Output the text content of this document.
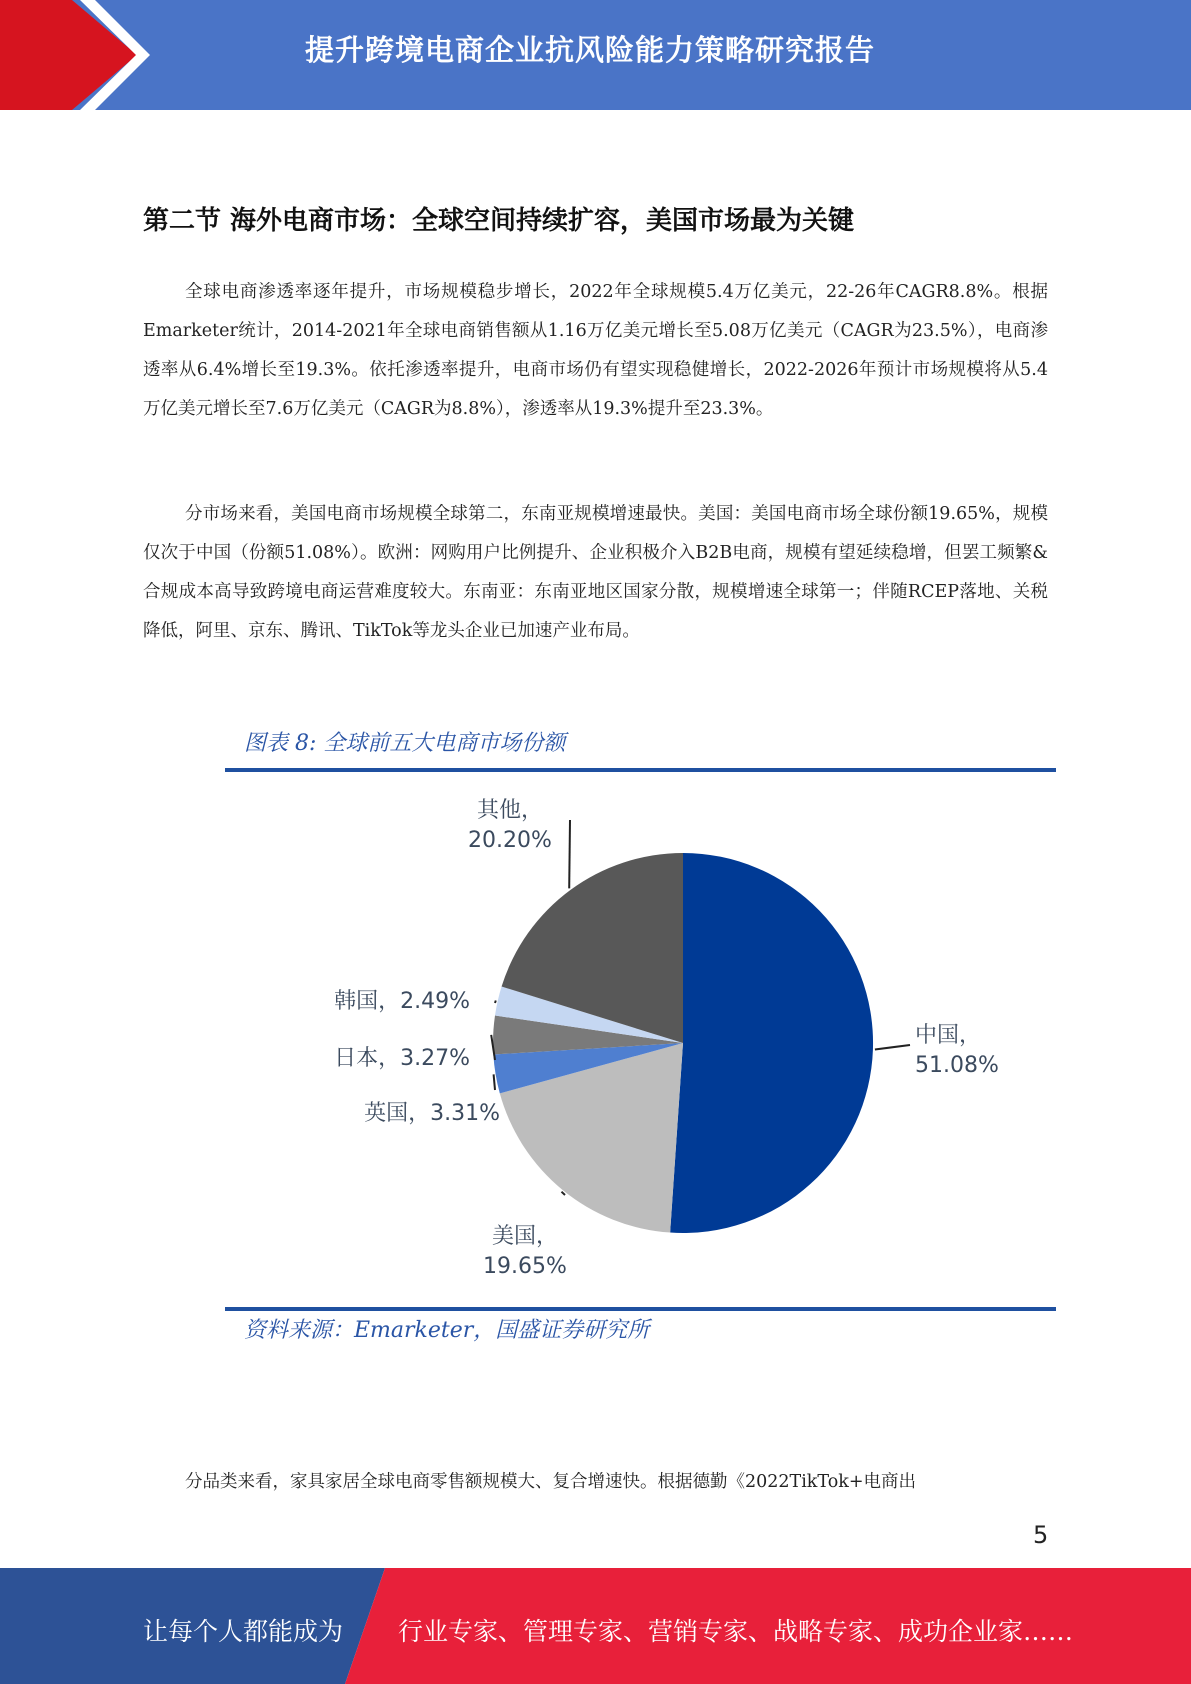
提升跨境电商企业抗风险能力策略研究报告
第二节 海外电商市场：全球空间持续扩容，美国市场最为关键
全球电商渗透率逐年提升，市场规模稳步增长，2022年全球规模5.4万亿美元，22-26年CAGR8.8%。根据Emarketer统计，2014-2021年全球电商销售额从1.16万亿美元增长至5.08万亿美元（CAGR为23.5%），电商渗透率从6.4%增长至19.3%。依托渗透率提升，电商市场仍有望实现稳健增长，2022-2026年预计市场规模将从5.4万亿美元增长至7.6万亿美元（CAGR为8.8%），渗透率从19.3%提升至23.3%。
分市场来看，美国电商市场规模全球第二，东南亚规模增速最快。美国：美国电商市场全球份额19.65%，规模仅次于中国（份额51.08%）。欧洲：网购用户比例提升、企业积极介入B2B电商，规模有望延续稳增，但罢工频繁&合规成本高导致跨境电商运营难度较大。东南亚：东南亚地区国家分散，规模增速全球第一；伴随RCEP落地、关税降低，阿里、京东、腾讯、TikTok等龙头企业已加速产业布局。
图表 8: 全球前五大电商市场份额
中国，
51.08%
美国，
19.65%
英国，3.31%
日本，3.27%
韩国，2.49%
其他，
20.20%
资料来源：Emarketer，国盛证券研究所
分品类来看，家具家居全球电商零售额规模大、复合增速快。根据德勤《2022TikTok+电商出
5
让每个人都能成为 行业专家、管理专家、营销专家、战略专家、成功企业家……
